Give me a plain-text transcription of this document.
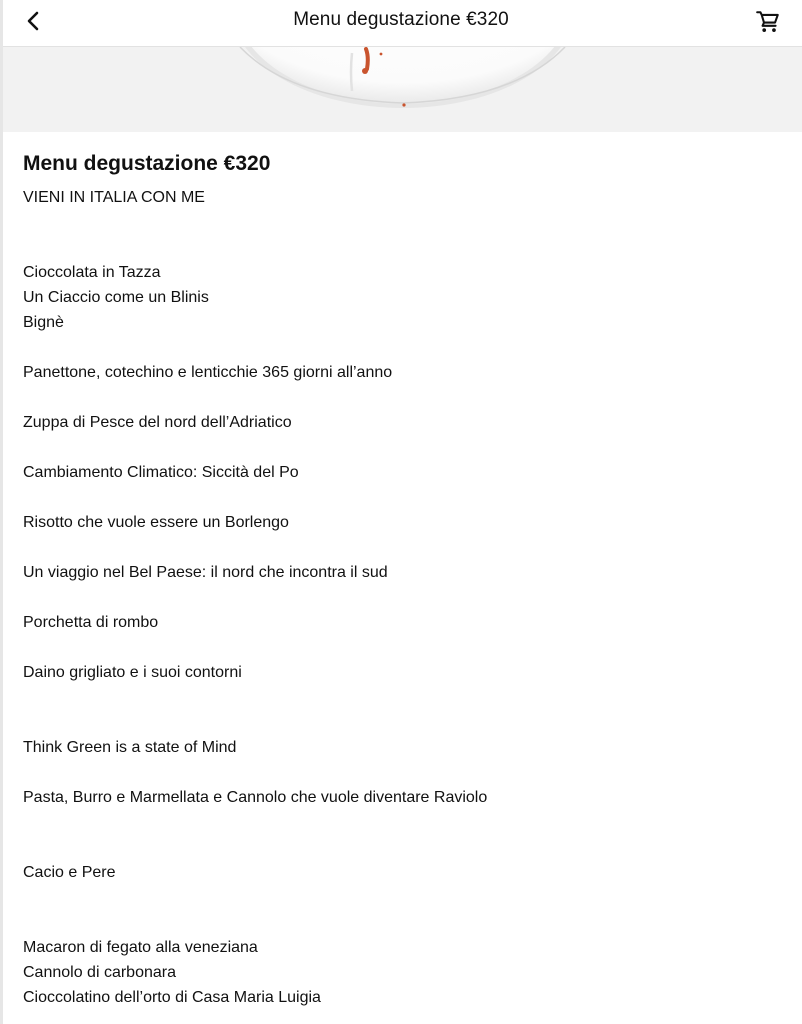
Menu degustazione €320
Menu degustazione €320
VIENI IN ITALIA CON ME
Cioccolata in Tazza
Un Ciaccio come un Blinis
Bignè
Panettone, cotechino e lenticchie 365 giorni all’anno
Zuppa di Pesce del nord dell’Adriatico
Cambiamento Climatico: Siccità del Po
Risotto che vuole essere un Borlengo
Un viaggio nel Bel Paese: il nord che incontra il sud
Porchetta di rombo
Daino grigliato e i suoi contorni
Think Green is a state of Mind
Pasta, Burro e Marmellata e Cannolo che vuole diventare Raviolo
Cacio e Pere
Macaron di fegato alla veneziana
Cannolo di carbonara
Cioccolatino dell’orto di Casa Maria Luigia
